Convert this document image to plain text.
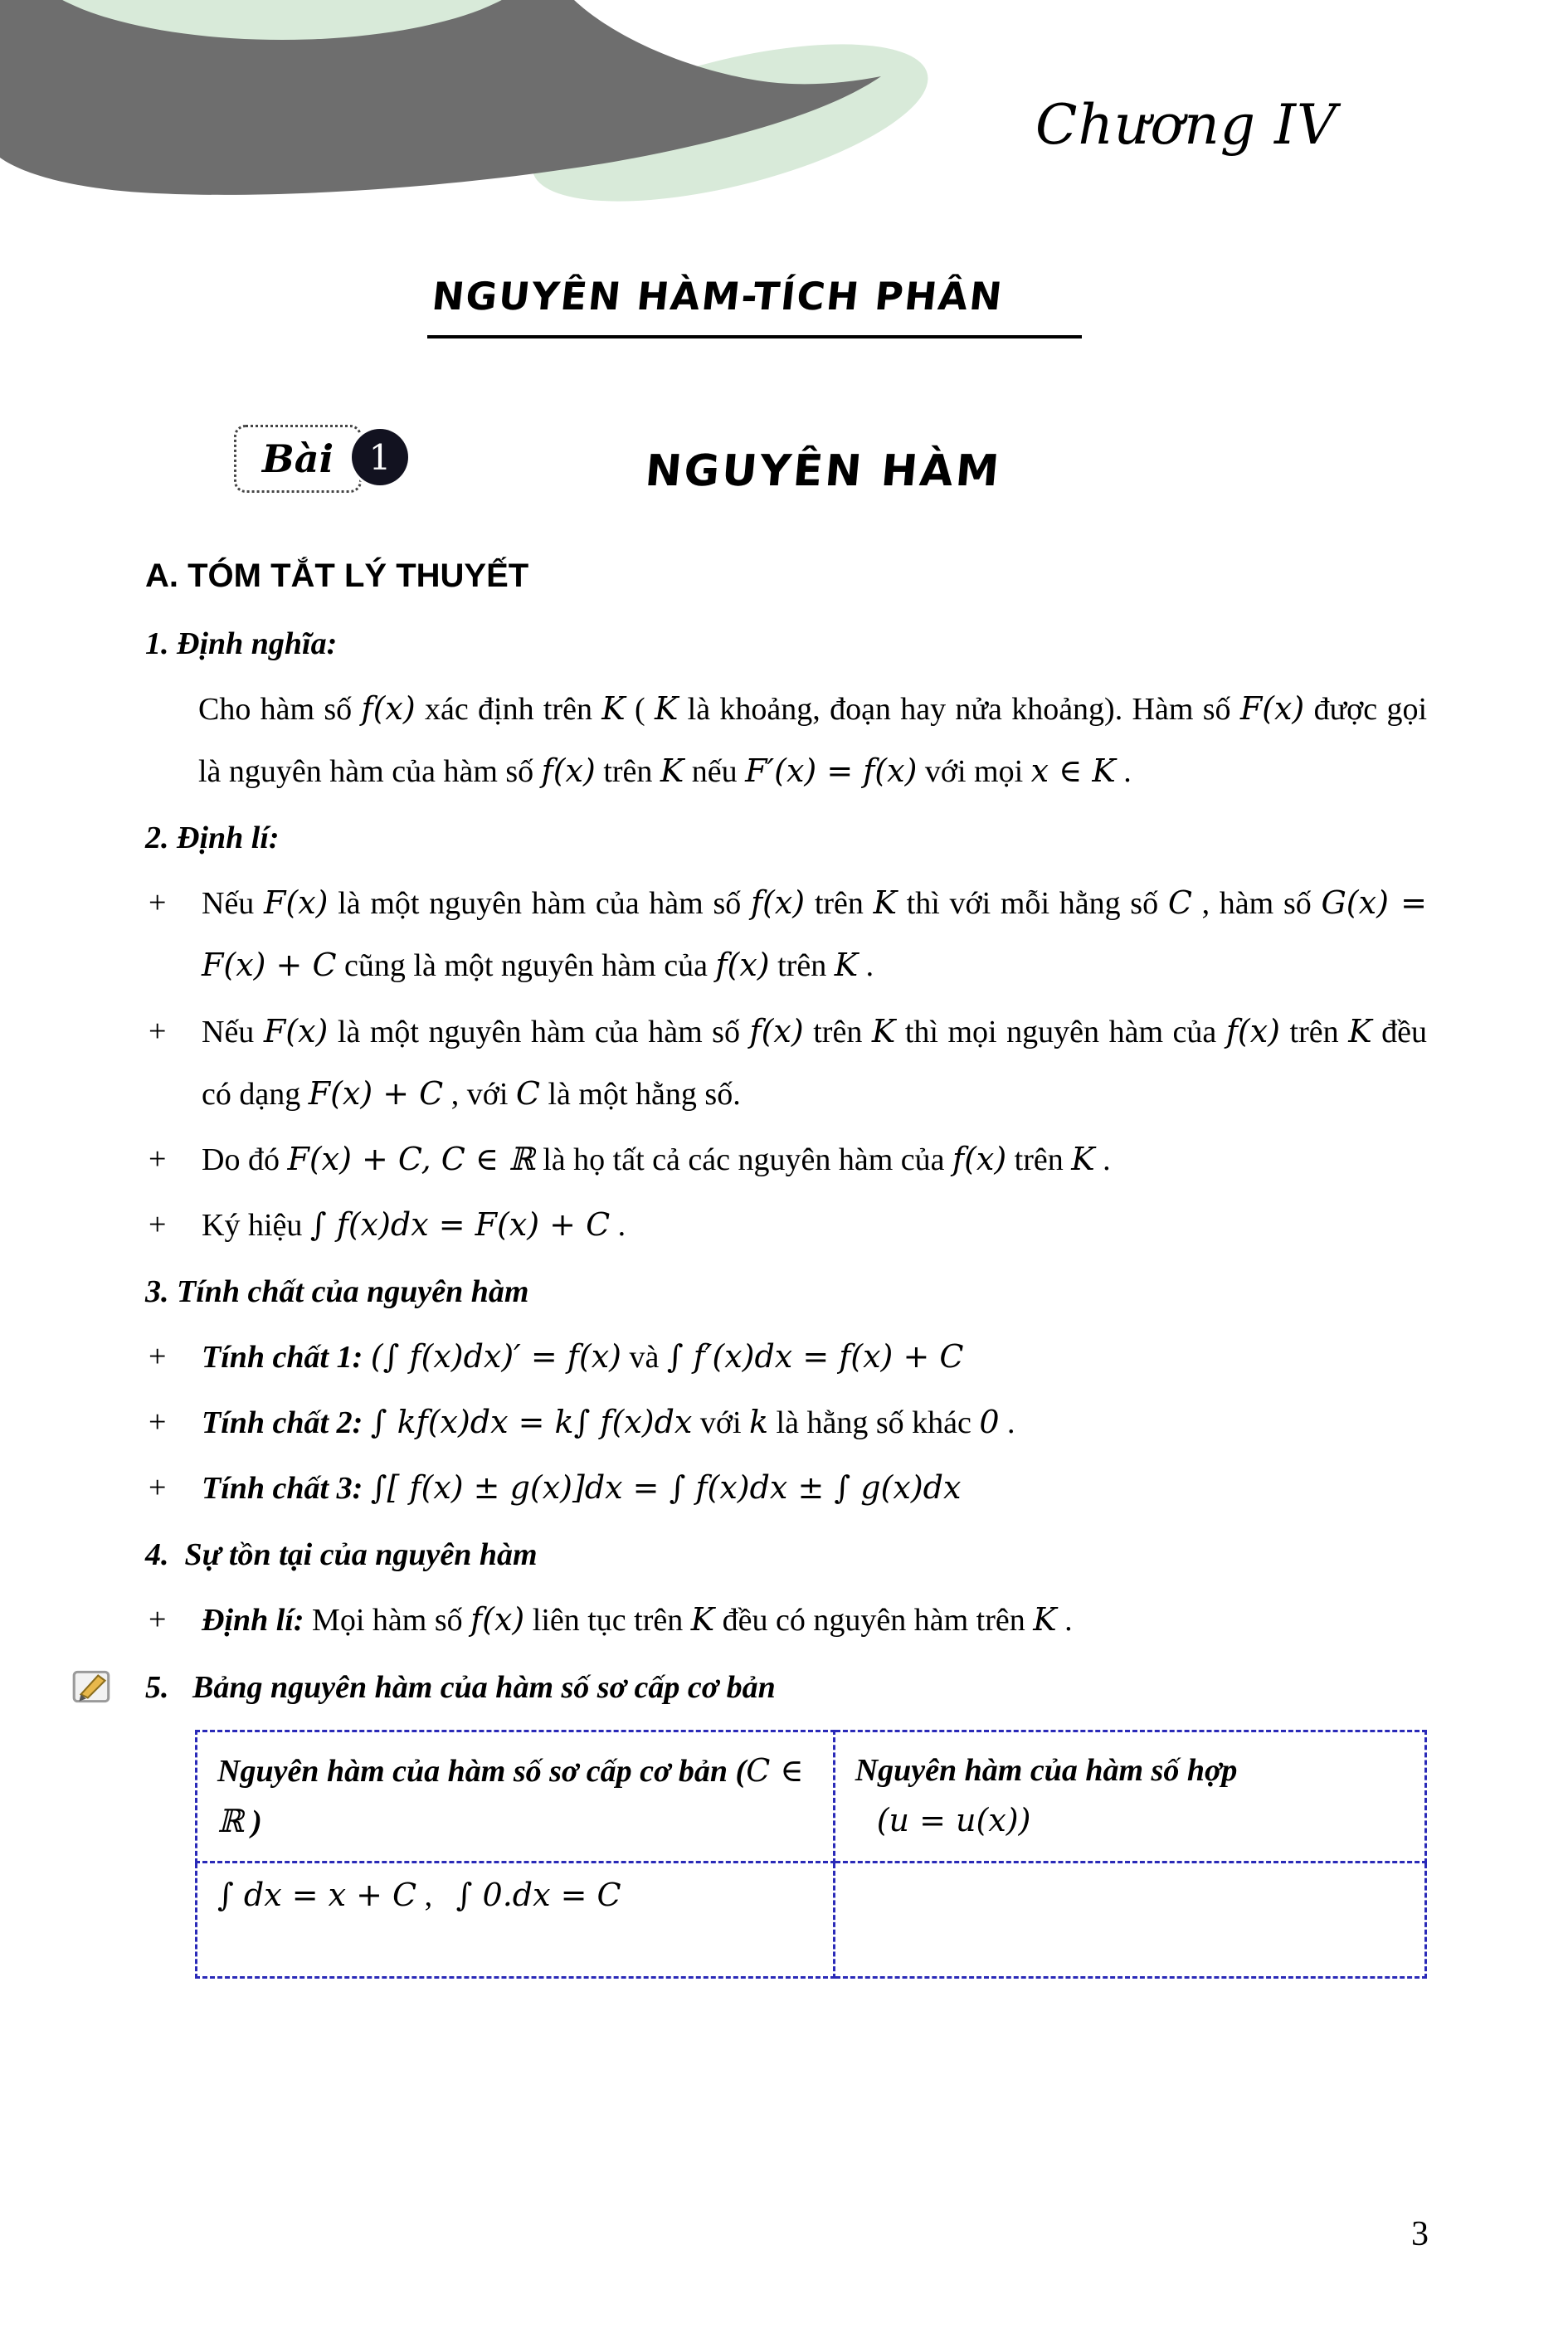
Chương IV
NGUYÊN HÀM-TÍCH PHÂN
Bài 1	NGUYÊN HÀM
A. TÓM TẮT LÝ THUYẾT
1. Định nghĩa:
Cho hàm số f(x) xác định trên K ( K là khoảng, đoạn hay nửa khoảng). Hàm số F(x) được gọi là nguyên hàm của hàm số f(x) trên K nếu F′(x) = f(x) với mọi x ∈ K .
2. Định lí:
+	Nếu F(x) là một nguyên hàm của hàm số f(x) trên K thì với mỗi hằng số C , hàm số G(x) = F(x) + C cũng là một nguyên hàm của f(x) trên K .
+	Nếu F(x) là một nguyên hàm của hàm số f(x) trên K thì mọi nguyên hàm của f(x) trên K đều có dạng F(x) + C , với C là một hằng số.
+	Do đó F(x) + C, C ∈ ℝ là họ tất cả các nguyên hàm của f(x) trên K .
+	Ký hiệu ∫ f(x)dx = F(x) + C .
3. Tính chất của nguyên hàm
+	Tính chất 1: (∫ f(x)dx)′ = f(x) và ∫ f′(x)dx = f(x) + C
+	Tính chất 2: ∫ kf(x)dx = k∫ f(x)dx với k là hằng số khác 0 .
+	Tính chất 3: ∫[ f(x) ± g(x)]dx = ∫ f(x)dx ± ∫ g(x)dx
4.  Sự tồn tại của nguyên hàm
+	Định lí: Mọi hàm số f(x) liên tục trên K đều có nguyên hàm trên K .
5.   Bảng nguyên hàm của hàm số sơ cấp cơ bản
Nguyên hàm của hàm số sơ cấp cơ bản (C ∈ ℝ )	Nguyên hàm của hàm số hợp
(u = u(x))

∫ dx = x + C ,   ∫ 0.dx = C	
3
